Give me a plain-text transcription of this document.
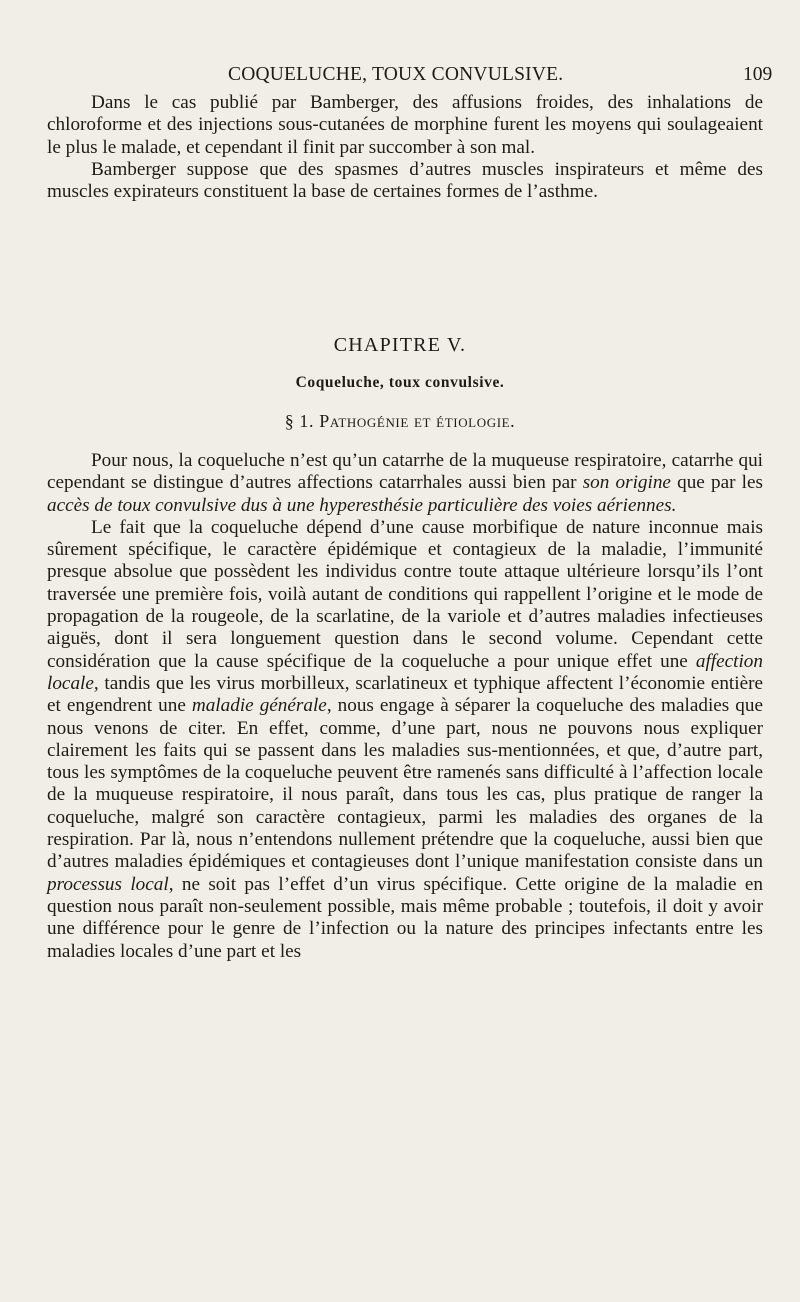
COQUELUCHE, TOUX CONVULSIVE.	109

Dans le cas publié par Bamberger, des affusions froides, des inhalations de chloroforme et des injections sous-cutanées de morphine furent les moyens qui soulageaient le plus le malade, et cependant il finit par succomber à son mal.

Bamberger suppose que des spasmes d’autres muscles inspirateurs et même des muscles expirateurs constituent la base de certaines formes de l’asthme.

CHAPITRE V.
Coqueluche, toux convulsive.
§ 1. Pathogénie et étiologie.

Pour nous, la coqueluche n’est qu’un catarrhe de la muqueuse respiratoire, catarrhe qui cependant se distingue d’autres affections catarrhales aussi bien par son origine que par les accès de toux convulsive dus à une hyperesthésie particulière des voies aériennes.

Le fait que la coqueluche dépend d’une cause morbifique de nature inconnue mais sûrement spécifique, le caractère épidémique et contagieux de la maladie, l’immunité presque absolue que possèdent les individus contre toute attaque ultérieure lorsqu’ils l’ont traversée une première fois, voilà autant de conditions qui rappellent l’origine et le mode de propagation de la rougeole, de la scarlatine, de la variole et d’autres maladies infectieuses aiguës, dont il sera longuement question dans le second volume. Cependant cette considération que la cause spécifique de la coqueluche a pour unique effet une affection locale, tandis que les virus morbilleux, scarlatineux et typhique affectent l’économie entière et engendrent une maladie générale, nous engage à séparer la coqueluche des maladies que nous venons de citer. En effet, comme, d’une part, nous ne pouvons nous expliquer clairement les faits qui se passent dans les maladies sus-mentionnées, et que, d’autre part, tous les symptômes de la coqueluche peuvent être ramenés sans difficulté à l’affection locale de la muqueuse respiratoire, il nous paraît, dans tous les cas, plus pratique de ranger la coqueluche, malgré son caractère contagieux, parmi les maladies des organes de la respiration. Par là, nous n’entendons nullement prétendre que la coqueluche, aussi bien que d’autres maladies épidémiques et contagieuses dont l’unique manifestation consiste dans un processus local, ne soit pas l’effet d’un virus spécifique. Cette origine de la maladie en question nous paraît non-seulement possible, mais même probable ; toutefois, il doit y avoir une différence pour le genre de l’infection ou la nature des principes infectants entre les maladies locales d’une part et les
